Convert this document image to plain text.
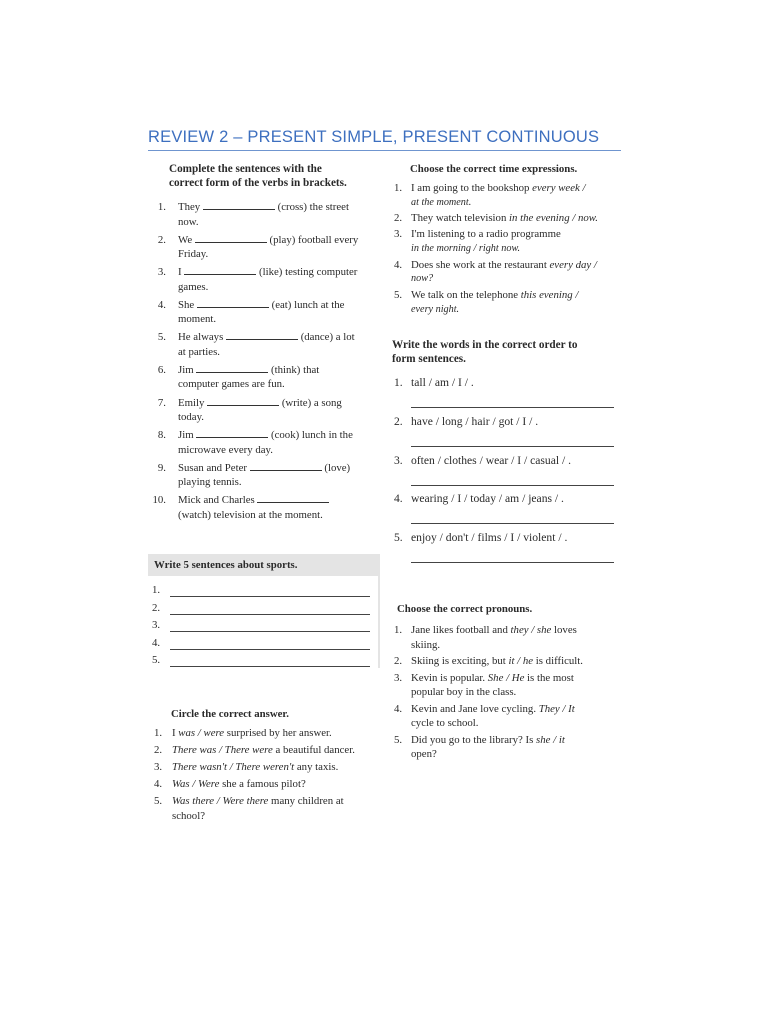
REVIEW 2 – PRESENT SIMPLE, PRESENT CONTINUOUS
Complete the sentences with the
correct form of the verbs in brackets.
1. They	(cross) the street
now.
2. We	(play) football every
Friday.
3. I	(like) testing computer
games.
4. She	(eat) lunch at the
moment.
5. He always	(dance) a lot
at parties.
6. Jim	(think) that
computer games are fun.
7. Emily	(write) a song
today.
8. Jim	(cook) lunch in the
microwave every day.
9. Susan and Peter	(love)
playing tennis.
10. Mick and Charles
(watch) television at the moment.
Write 5 sentences about sports.
1.
2.
3.
4.
5.
Circle the correct answer.
1. I was / were surprised by her answer.
2. There was / There were a beautiful dancer.
3. There wasn't / There weren't any taxis.
4. Was / Were she a famous pilot?
5. Was there / Were there many children at
school?
Choose the correct time expressions.
1. I am going to the bookshop every week /
at the moment.
2. They watch television in the evening / now.
3. I'm listening to a radio programme
in the morning / right now.
4. Does she work at the restaurant every day /
now?
5. We talk on the telephone this evening /
every night.
Write the words in the correct order to
form sentences.
1. tall / am / I / .
2. have / long / hair / got / I / .
3. often / clothes / wear / I / casual / .
4. wearing / I / today / am / jeans / .
5. enjoy / don't / films / I / violent / .
Choose the correct pronouns.
1. Jane likes football and they / she loves
skiing.
2. Skiing is exciting, but it / he is difficult.
3. Kevin is popular. She / He is the most
popular boy in the class.
4. Kevin and Jane love cycling. They / It
cycle to school.
5. Did you go to the library? Is she / it
open?
